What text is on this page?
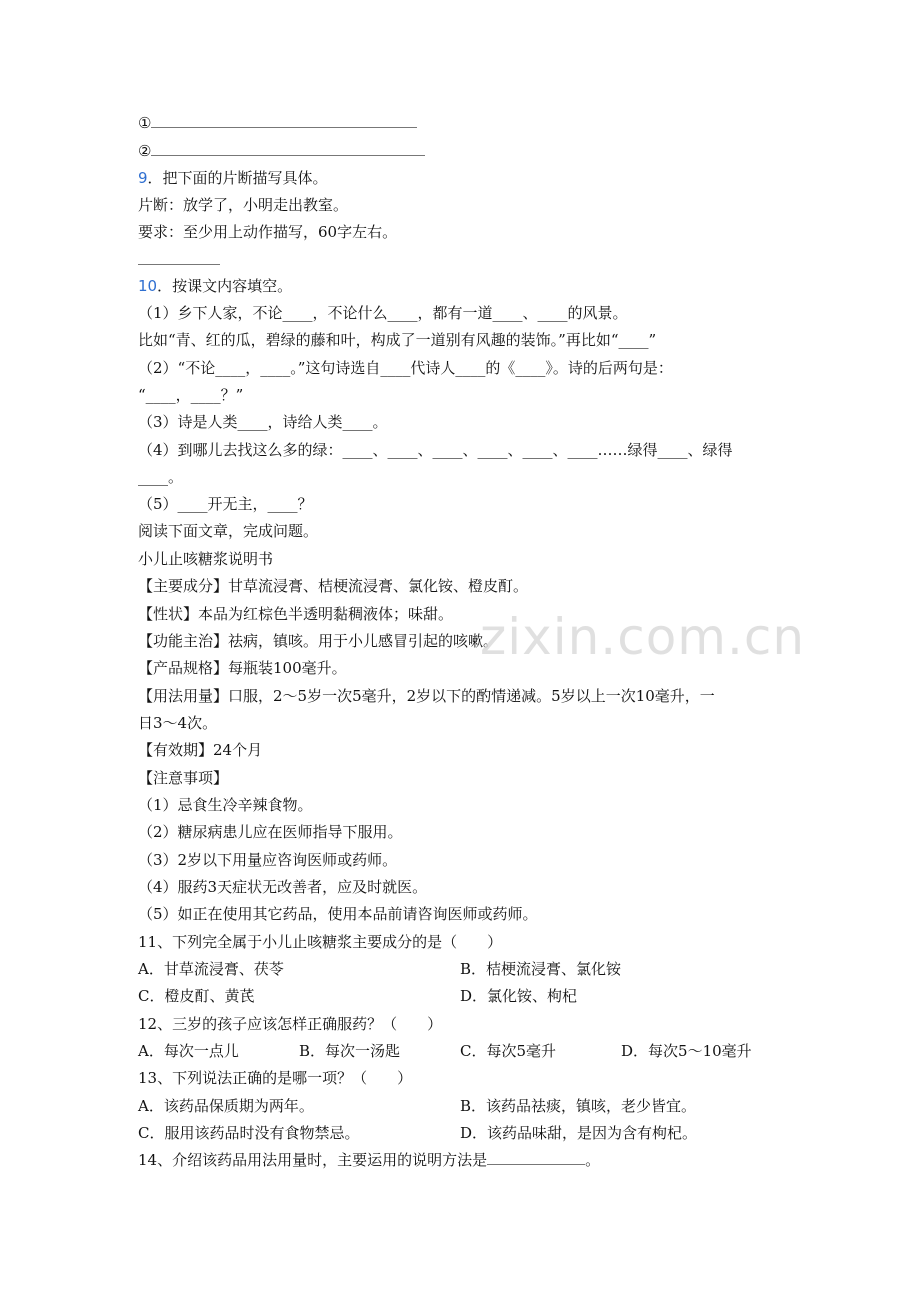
①
②
9．把下面的片断描写具体。
片断：放学了，小明走出教室。
要求：至少用上动作描写，60字左右。
10．按课文内容填空。
（1）乡下人家，不论____，不论什么____，都有一道____、____的风景。
比如“青、红的瓜，碧绿的藤和叶，构成了一道别有风趣的装饰。”再比如“____”
（2）“不论____，____。”这句诗选自____代诗人____的《____》。诗的后两句是：
“____，____？”
（3）诗是人类____，诗给人类____。
（4）到哪儿去找这么多的绿：____、____、____、____、____、____……绿得____、绿得
____。
（5）____开无主，____？
阅读下面文章，完成问题。
小儿止咳糖浆说明书
【主要成分】甘草流浸膏、桔梗流浸膏、氯化铵、橙皮酊。
【性状】本品为红棕色半透明黏稠液体；味甜。
【功能主治】祛病，镇咳。用于小儿感冒引起的咳嗽。
【产品规格】每瓶装100毫升。
【用法用量】口服，2～5岁一次5毫升，2岁以下的酌情递减。5岁以上一次10毫升，一
日3～4次。
【有效期】24个月
【注意事项】
（1）忌食生冷辛辣食物。
（2）糖尿病患儿应在医师指导下服用。
（3）2岁以下用量应咨询医师或药师。
（4）服药3天症状无改善者，应及时就医。
（5）如正在使用其它药品，使用本品前请咨询医师或药师。
11、下列完全属于小儿止咳糖浆主要成分的是（　　）
A．甘草流浸膏、茯苓	B．桔梗流浸膏、氯化铵
C．橙皮酊、黄芪	D．氯化铵、枸杞
12、三岁的孩子应该怎样正确服药？（　　）
A．每次一点儿	B．每次一汤匙	C．每次5毫升	D．每次5～10毫升
13、下列说法正确的是哪一项？（　　）
A．该药品保质期为两年。	B．该药品祛痰，镇咳，老少皆宜。
C．服用该药品时没有食物禁忌。	D．该药品味甜，是因为含有枸杞。
14、介绍该药品用法用量时，主要运用的说明方法是	。
zixin.com.cn
